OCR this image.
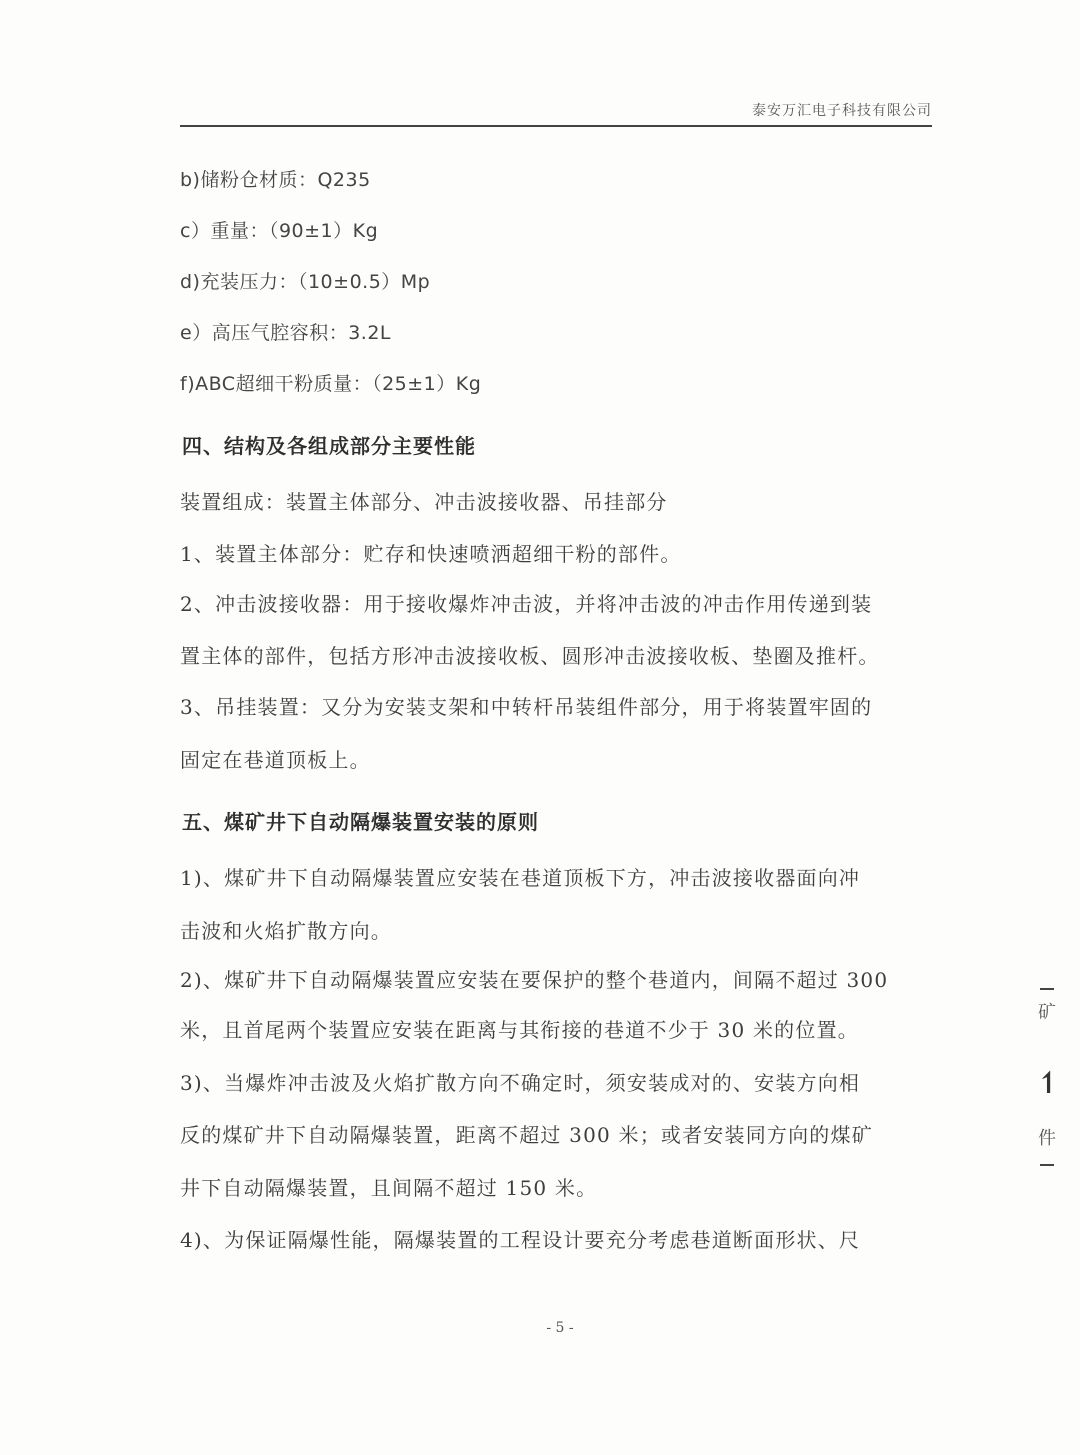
泰安万汇电子科技有限公司
b)储粉仓材质：Q235
c）重量：（90±1）Kg
d)充装压力：（10±0.5）Mp
e）高压气腔容积：3.2L
f)ABC超细干粉质量：（25±1）Kg
四、结构及各组成部分主要性能
装置组成：装置主体部分、冲击波接收器、吊挂部分
1、装置主体部分：贮存和快速喷洒超细干粉的部件。
2、冲击波接收器：用于接收爆炸冲击波，并将冲击波的冲击作用传递到装
置主体的部件，包括方形冲击波接收板、圆形冲击波接收板、垫圈及推杆。
3、吊挂装置：又分为安装支架和中转杆吊装组件部分，用于将装置牢固的
固定在巷道顶板上。
五、煤矿井下自动隔爆装置安装的原则
1)、煤矿井下自动隔爆装置应安装在巷道顶板下方，冲击波接收器面向冲
击波和火焰扩散方向。
2)、煤矿井下自动隔爆装置应安装在要保护的整个巷道内，间隔不超过 300
米，且首尾两个装置应安装在距离与其衔接的巷道不少于 30 米的位置。
3)、当爆炸冲击波及火焰扩散方向不确定时，须安装成对的、安装方向相
反的煤矿井下自动隔爆装置，距离不超过 300 米；或者安装同方向的煤矿
井下自动隔爆装置，且间隔不超过 150 米。
4)、为保证隔爆性能，隔爆装置的工程设计要充分考虑巷道断面形状、尺
- 5 -
矿
↿
件
